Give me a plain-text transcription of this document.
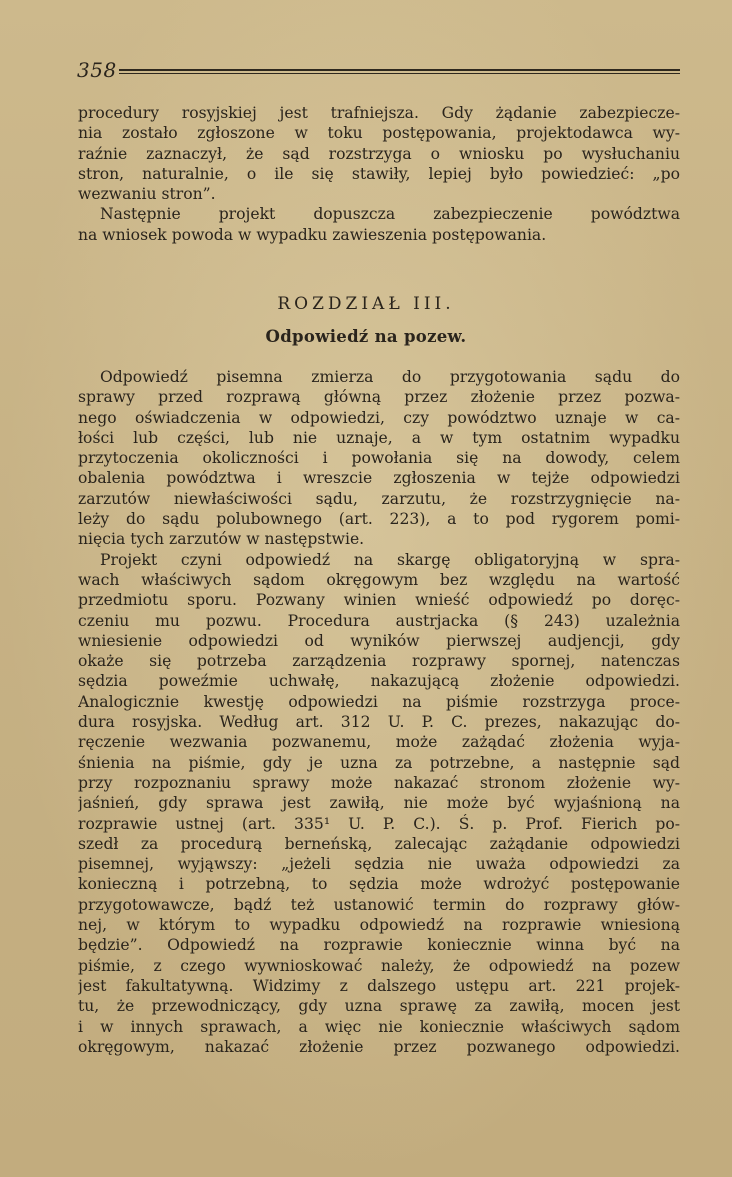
358
procedury rosyjskiej jest trafniejsza. Gdy żądanie zabezpiecze-
nia zostało zgłoszone w toku postępowania, projektodawca wy-
raźnie zaznaczył, że sąd rozstrzyga o wniosku po wysłuchaniu
stron, naturalnie, o ile się stawiły, lepiej było powiedzieć: „po
wezwaniu stron”.
Następnie projekt dopuszcza zabezpieczenie powództwa
na wniosek powoda w wypadku zawieszenia postępowania.
ROZDZIAŁ III.
Odpowiedź na pozew.
Odpowiedź pisemna zmierza do przygotowania sądu do
sprawy przed rozprawą główną przez złożenie przez pozwa-
nego oświadczenia w odpowiedzi, czy powództwo uznaje w ca-
łości lub części, lub nie uznaje, a w tym ostatnim wypadku
przytoczenia okoliczności i powołania się na dowody, celem
obalenia powództwa i wreszcie zgłoszenia w tejże odpowiedzi
zarzutów niewłaściwości sądu, zarzutu, że rozstrzygnięcie na-
leży do sądu polubownego (art. 223), a to pod rygorem pomi-
nięcia tych zarzutów w następstwie.
Projekt czyni odpowiedź na skargę obligatoryjną w spra-
wach właściwych sądom okręgowym bez względu na wartość
przedmiotu sporu. Pozwany winien wnieść odpowiedź po doręc-
czeniu mu pozwu. Procedura austrjacka (§ 243) uzależnia
wniesienie odpowiedzi od wyników pierwszej audjencji, gdy
okaże się potrzeba zarządzenia rozprawy spornej, natenczas
sędzia poweźmie uchwałę, nakazującą złożenie odpowiedzi.
Analogicznie kwestję odpowiedzi na piśmie rozstrzyga proce-
dura rosyjska. Według art. 312 U. P. C. prezes, nakazując do-
ręczenie wezwania pozwanemu, może zażądać złożenia wyja-
śnienia na piśmie, gdy je uzna za potrzebne, a następnie sąd
przy rozpoznaniu sprawy może nakazać stronom złożenie wy-
jaśnień, gdy sprawa jest zawiłą, nie może być wyjaśnioną na
rozprawie ustnej (art. 335¹ U. P. C.). Ś. p. Prof. Fierich po-
szedł za procedurą berneńską, zalecając zażądanie odpowiedzi
pisemnej, wyjąwszy: „jeżeli sędzia nie uważa odpowiedzi za
konieczną i potrzebną, to sędzia może wdrożyć postępowanie
przygotowawcze, bądź też ustanowić termin do rozprawy głów-
nej, w którym to wypadku odpowiedź na rozprawie wniesioną
będzie”. Odpowiedź na rozprawie koniecznie winna być na
piśmie, z czego wywnioskować należy, że odpowiedź na pozew
jest fakultatywną. Widzimy z dalszego ustępu art. 221 projek-
tu, że przewodniczący, gdy uzna sprawę za zawiłą, mocen jest
i w innych sprawach, a więc nie koniecznie właściwych sądom
okręgowym, nakazać złożenie przez pozwanego odpowiedzi.
